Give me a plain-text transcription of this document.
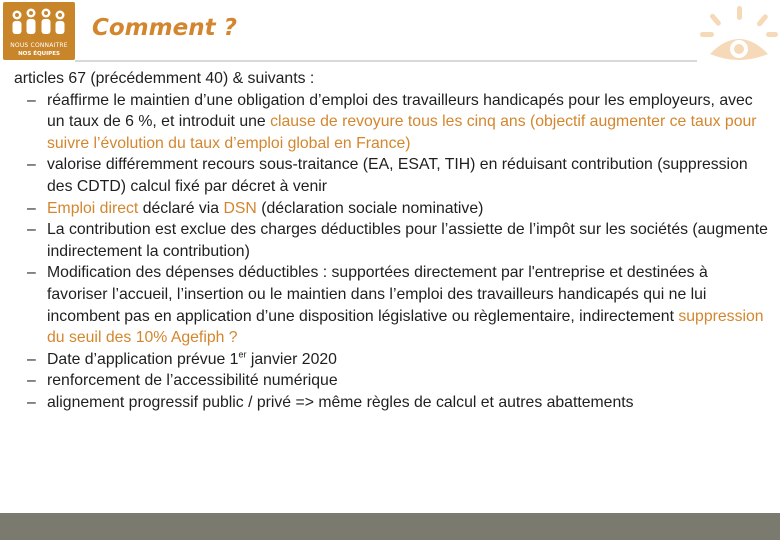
NOUS CONNAITRE
NOS ÉQUIPES
Comment ?

articles 67 (précédemment 40) & suivants :

– réaffirme le maintien d’une obligation d’emploi des travailleurs handicapés pour les employeurs, avec un taux de 6 %, et introduit une clause de revoyure tous les cinq ans (objectif augmenter ce taux pour suivre l’évolution du taux d’emploi global en France)
– valorise différemment recours sous-traitance (EA, ESAT, TIH) en réduisant contribution (suppression des CDTD) calcul fixé par décret à venir
– Emploi direct déclaré via DSN (déclaration sociale nominative)
– La contribution est exclue des charges déductibles pour l’assiette de l’impôt sur les sociétés (augmente indirectement la contribution)
– Modification des dépenses déductibles : supportées directement par l'entreprise et destinées à favoriser l’accueil, l’insertion ou le maintien dans l’emploi des travailleurs handicapés qui ne lui incombent pas en application d’une disposition législative ou règlementaire, indirectement suppression du seuil des 10% Agefiph ?
– Date d’application prévue 1er janvier 2020
– renforcement de l’accessibilité numérique
– alignement progressif public / privé => même règles de calcul et autres abattements
